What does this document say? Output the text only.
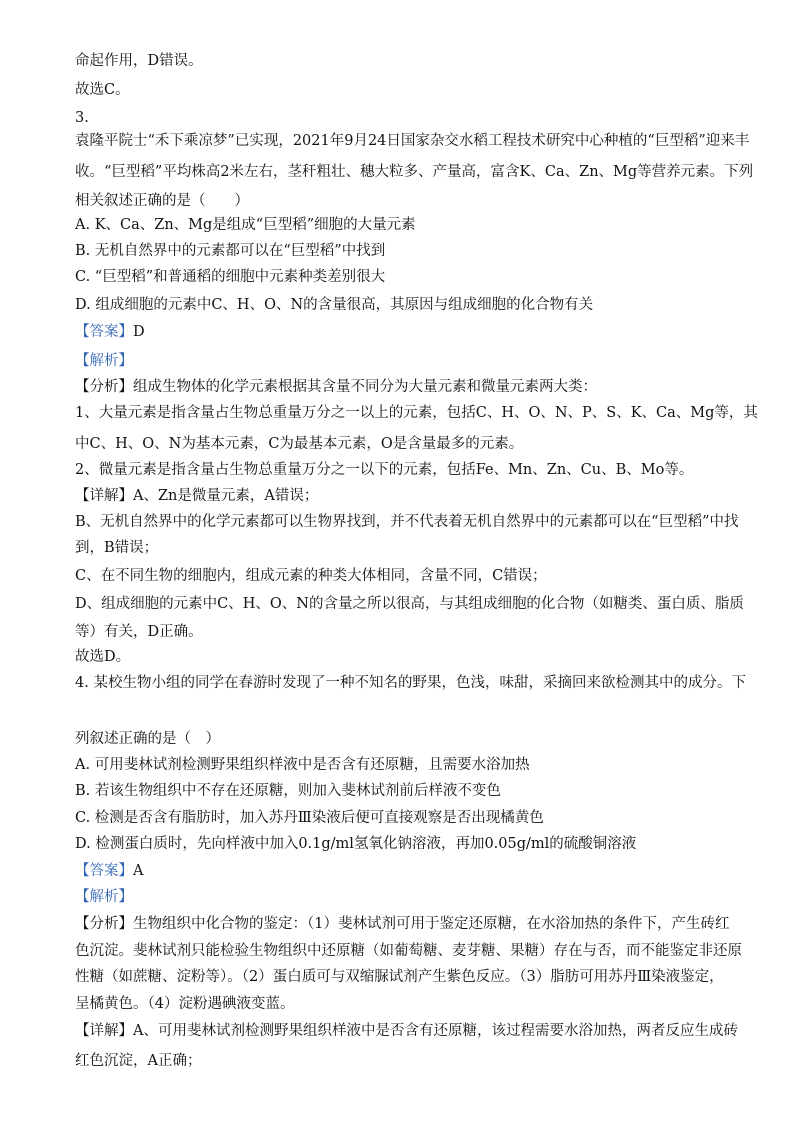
命起作用，D错误。
故选C。
3.
袁隆平院士“禾下乘凉梦”已实现，2021年9月24日国家杂交水稻工程技术研究中心种植的“巨型稻”迎来丰
收。“巨型稻”平均株高2米左右，茎秆粗壮、穗大粒多、产量高，富含K、Ca、Zn、Mg等营养元素。下列
相关叙述正确的是（　　）
A. K、Ca、Zn、Mg是组成“巨型稻”细胞的大量元素
B. 无机自然界中的元素都可以在“巨型稻”中找到
C. “巨型稻”和普通稻的细胞中元素种类差别很大
D. 组成细胞的元素中C、H、O、N的含量很高，其原因与组成细胞的化合物有关
【答案】D
【解析】
【分析】组成生物体的化学元素根据其含量不同分为大量元素和微量元素两大类：
1、大量元素是指含量占生物总重量万分之一以上的元素，包括C、H、O、N、P、S、K、Ca、Mg等，其
中C、H、O、N为基本元素，C为最基本元素，O是含量最多的元素。
2、微量元素是指含量占生物总重量万分之一以下的元素，包括Fe、Mn、Zn、Cu、B、Mo等。
【详解】A、Zn是微量元素，A错误；
B、无机自然界中的化学元素都可以生物界找到，并不代表着无机自然界中的元素都可以在“巨型稻”中找
到，B错误；
C、在不同生物的细胞内，组成元素的种类大体相同，含量不同，C错误；
D、组成细胞的元素中C、H、O、N的含量之所以很高，与其组成细胞的化合物（如糖类、蛋白质、脂质
等）有关，D正确。
故选D。
4. 某校生物小组的同学在春游时发现了一种不知名的野果，色浅，味甜，采摘回来欲检测其中的成分。下
列叙述正确的是（　）
A. 可用斐林试剂检测野果组织样液中是否含有还原糖，且需要水浴加热
B. 若该生物组织中不存在还原糖，则加入斐林试剂前后样液不变色
C. 检测是否含有脂肪时，加入苏丹Ⅲ染液后便可直接观察是否出现橘黄色
D. 检测蛋白质时，先向样液中加入0.1g/ml氢氧化钠溶液，再加0.05g/ml的硫酸铜溶液
【答案】A
【解析】
【分析】生物组织中化合物的鉴定：（1）斐林试剂可用于鉴定还原糖，在水浴加热的条件下，产生砖红
色沉淀。斐林试剂只能检验生物组织中还原糖（如葡萄糖、麦芽糖、果糖）存在与否，而不能鉴定非还原
性糖（如蔗糖、淀粉等）。（2）蛋白质可与双缩脲试剂产生紫色反应。（3）脂肪可用苏丹Ⅲ染液鉴定，
呈橘黄色。（4）淀粉遇碘液变蓝。
【详解】A、可用斐林试剂检测野果组织样液中是否含有还原糖，该过程需要水浴加热，两者反应生成砖
红色沉淀，A正确；
